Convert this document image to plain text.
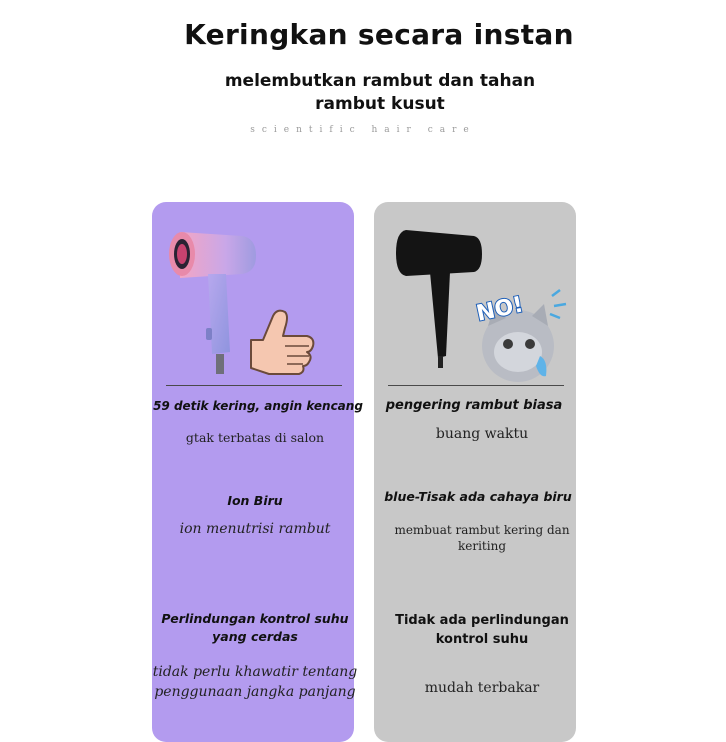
Keringkan secara instan
melembutkan rambut dan tahan
rambut kusut
scientific hair care
59 detik kering, angin kencang
gtak terbatas di salon
Ion Biru
ion menutrisi rambut
Perlindungan kontrol suhu yang cerdas
tidak perlu khawatir tentang
penggunaan jangka panjang
NO!
pengering rambut biasa
buang waktu
blue-Tisak ada cahaya biru
membuat rambut kering dan
keriting
Tidak ada perlindungan
kontrol suhu
mudah terbakar
